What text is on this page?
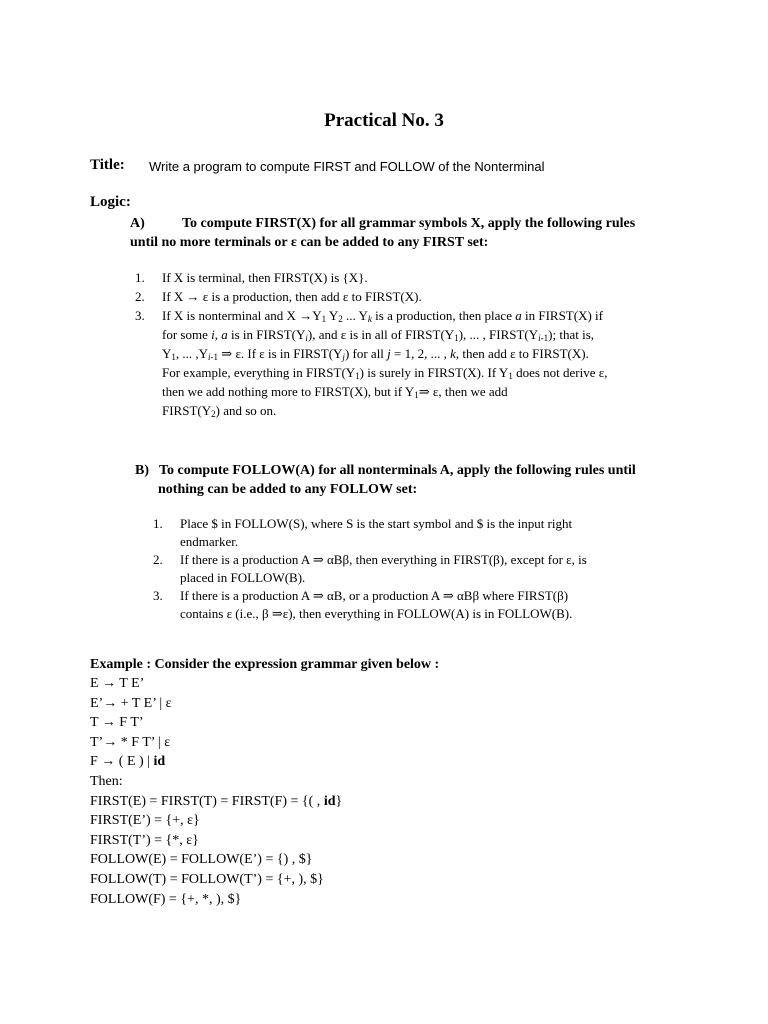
Practical No. 3
Title: Write a program to compute FIRST and FOLLOW of the Nonterminal
Logic:
A)	To compute FIRST(X) for all grammar symbols X, apply the following rules
until no more terminals or ε can be added to any FIRST set:
1. If X is terminal, then FIRST(X) is {X}.
2. If X → ε is a production, then add ε to FIRST(X).
3. If X is nonterminal and $X \to Y_1$ $Y_2$ ... $Y_k$ is a production, then place a in FIRST(X) if
for some i, a is in $FIRST(Y_i)$, and ε is in all of $FIRST(Y_1)$, ... , $FIRST(Y_{i-1})$; that is,
$Y_1$, ... $,Y_{i-1}$ ⇒ ε. If ε is in $FIRST(Y_j)$ for all j = 1, 2, ... , k, then add ε to FIRST(X).
For example, everything in $FIRST(Y_1)$ is surely in FIRST(X). If $Y_1$ does not derive ε,
then we add nothing more to FIRST(X), but if $Y_1\Rightarrow$ ε, then we add
$FIRST(Y_2)$ and so on.
B) To compute FOLLOW(A) for all nonterminals A, apply the following rules until
nothing can be added to any FOLLOW set:
1. Place $ in FOLLOW(S), where S is the start symbol and $ is the input right
endmarker.
2. If there is a production A ⇒ αBβ, then everything in FIRST(β), except for ε, is
placed in FOLLOW(B).
3. If there is a production A ⇒ αB, or a production A ⇒ αBβ where FIRST(β)
contains ε (i.e., β ⇒ε), then everything in FOLLOW(A) is in FOLLOW(B).
Example : Consider the expression grammar given below :
E → T E’
E’→ + T E’ | ε
T → F T’
T’→ * F T’ | ε
F → ( E ) | id
Then:
FIRST(E) = FIRST(T) = FIRST(F) = {( , id}
FIRST(E’) = {+, ε}
FIRST(T’) = {*, ε}
FOLLOW(E) = FOLLOW(E’) = {) , $}
FOLLOW(T) = FOLLOW(T’) = {+, ), $}
FOLLOW(F) = {+, *, ), $}
